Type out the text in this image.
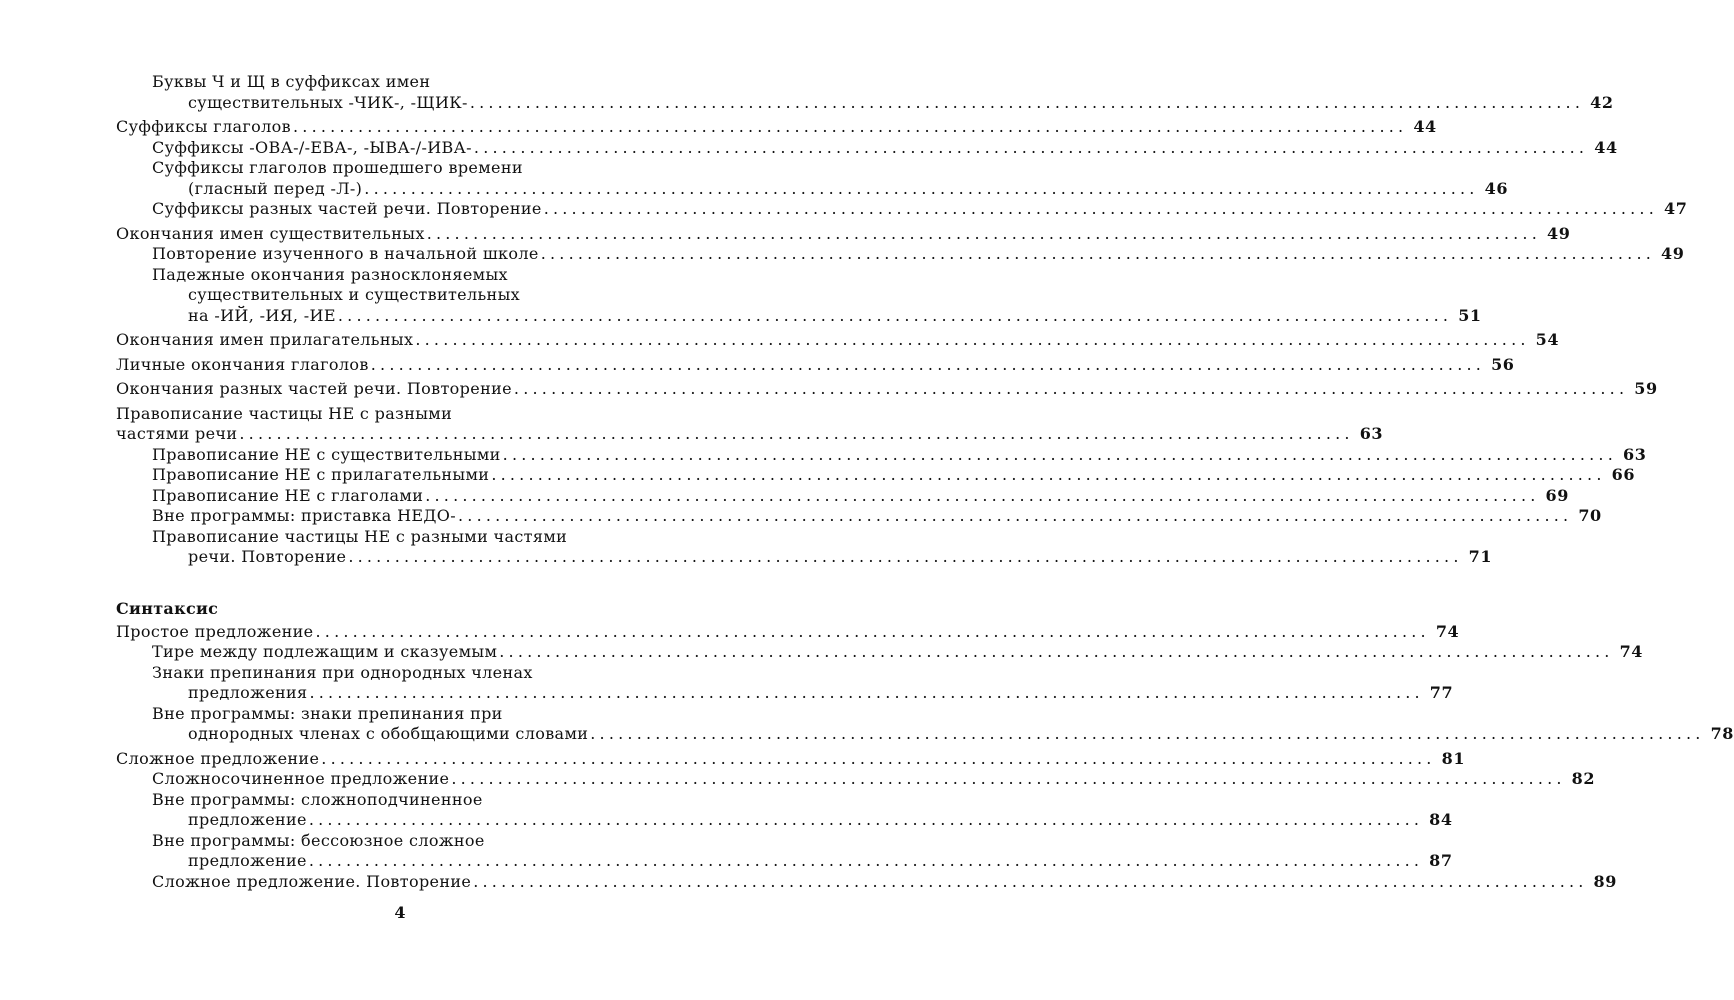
Буквы Ч и Щ в суффиксах имен
существительных -ЧИК-, -ЩИК- ........................................................................................................................ 42
Суффиксы глаголов ........................................................................................................................ 44
Суффиксы -ОВА-/-ЕВА-, -ЫВА-/-ИВА- ........................................................................................................................ 44
Суффиксы глаголов прошедшего времени
(гласный перед -Л-) ........................................................................................................................ 46
Суффиксы разных частей речи. Повторение ........................................................................................................................ 47
Окончания имен существительных ........................................................................................................................ 49
Повторение изученного в начальной школе ........................................................................................................................ 49
Падежные окончания разносклоняемых
существительных и существительных
на -ИЙ, -ИЯ, -ИЕ ........................................................................................................................ 51
Окончания имен прилагательных ........................................................................................................................ 54
Личные окончания глаголов ........................................................................................................................ 56
Окончания разных частей речи. Повторение ........................................................................................................................ 59
Правописание частицы НЕ с разными
частями речи ........................................................................................................................ 63
Правописание НЕ с существительными ........................................................................................................................ 63
Правописание НЕ с прилагательными ........................................................................................................................ 66
Правописание НЕ с глаголами ........................................................................................................................ 69
Вне программы: приставка НЕДО- ........................................................................................................................ 70
Правописание частицы НЕ с разными частями
речи. Повторение ........................................................................................................................ 71
Синтаксис
Простое предложение ........................................................................................................................ 74
Тире между подлежащим и сказуемым ........................................................................................................................ 74
Знаки препинания при однородных членах
предложения ........................................................................................................................ 77
Вне программы: знаки препинания при
однородных членах с обобщающими словами ........................................................................................................................ 78
Сложное предложение ........................................................................................................................ 81
Сложносочиненное предложение ........................................................................................................................ 82
Вне программы: сложноподчиненное
предложение ........................................................................................................................ 84
Вне программы: бессоюзное сложное
предложение ........................................................................................................................ 87
Сложное предложение. Повторение ........................................................................................................................ 89
4
